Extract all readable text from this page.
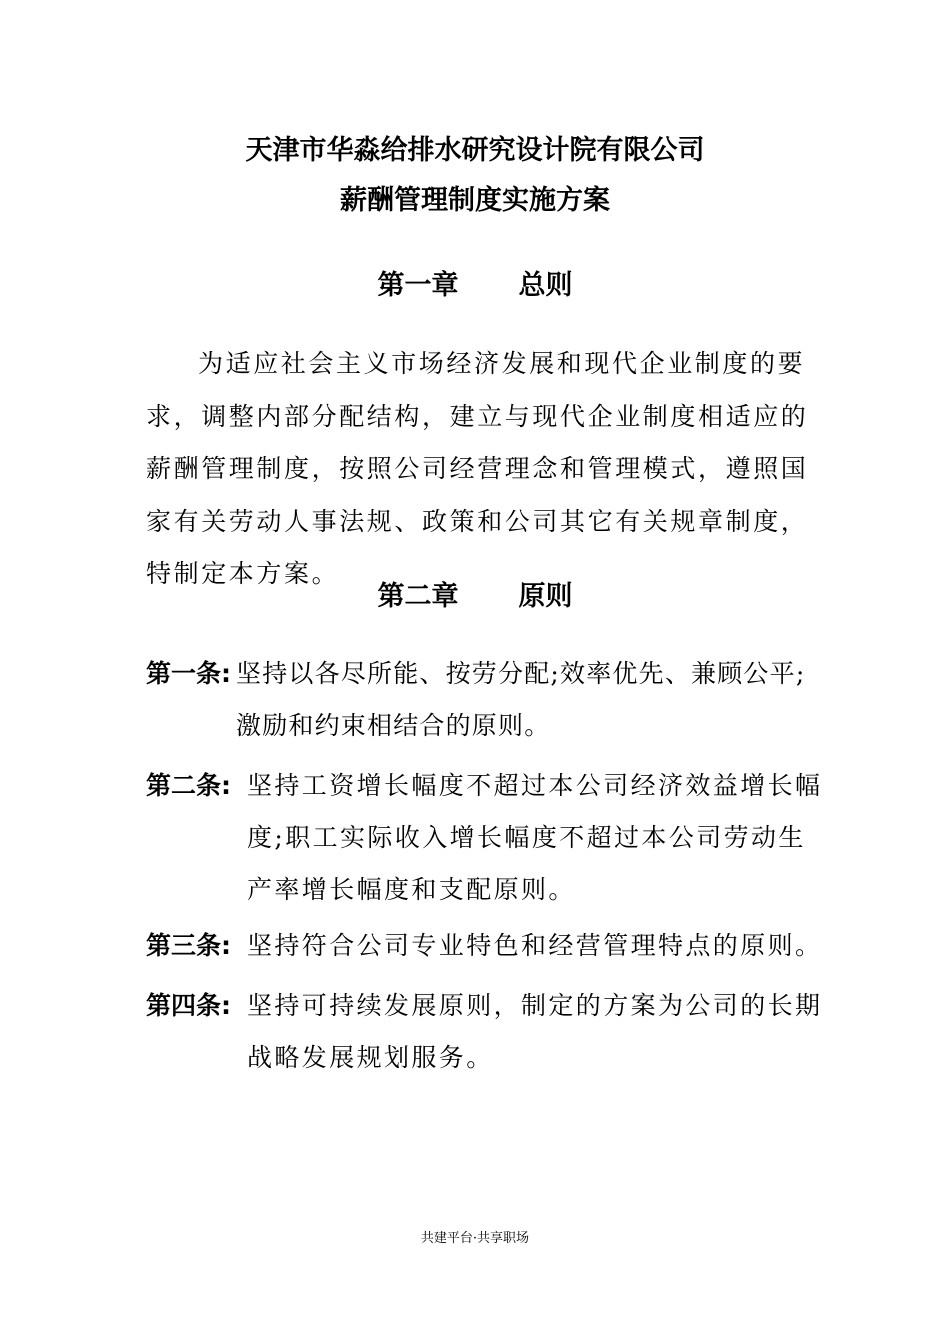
天津市华淼给排水研究设计院有限公司
薪酬管理制度实施方案
第一章 总则

为适应社会主义市场经济发展和现代企业制度的要求，调整内部分配结构，建立与现代企业制度相适应的薪酬管理制度，按照公司经营理念和管理模式，遵照国家有关劳动人事法规、政策和公司其它有关规章制度，特制定本方案。

第二章 原则
第一条: 坚持以各尽所能、按劳分配;效率优先、兼顾公平;激励和约束相结合的原则。
第二条: 坚持工资增长幅度不超过本公司经济效益增长幅度;职工实际收入增长幅度不超过本公司劳动生产率增长幅度和支配原则。
第三条: 坚持符合公司专业特色和经营管理特点的原则。
第四条: 坚持可持续发展原则，制定的方案为公司的长期战略发展规划服务。
共建平台·共享职场
